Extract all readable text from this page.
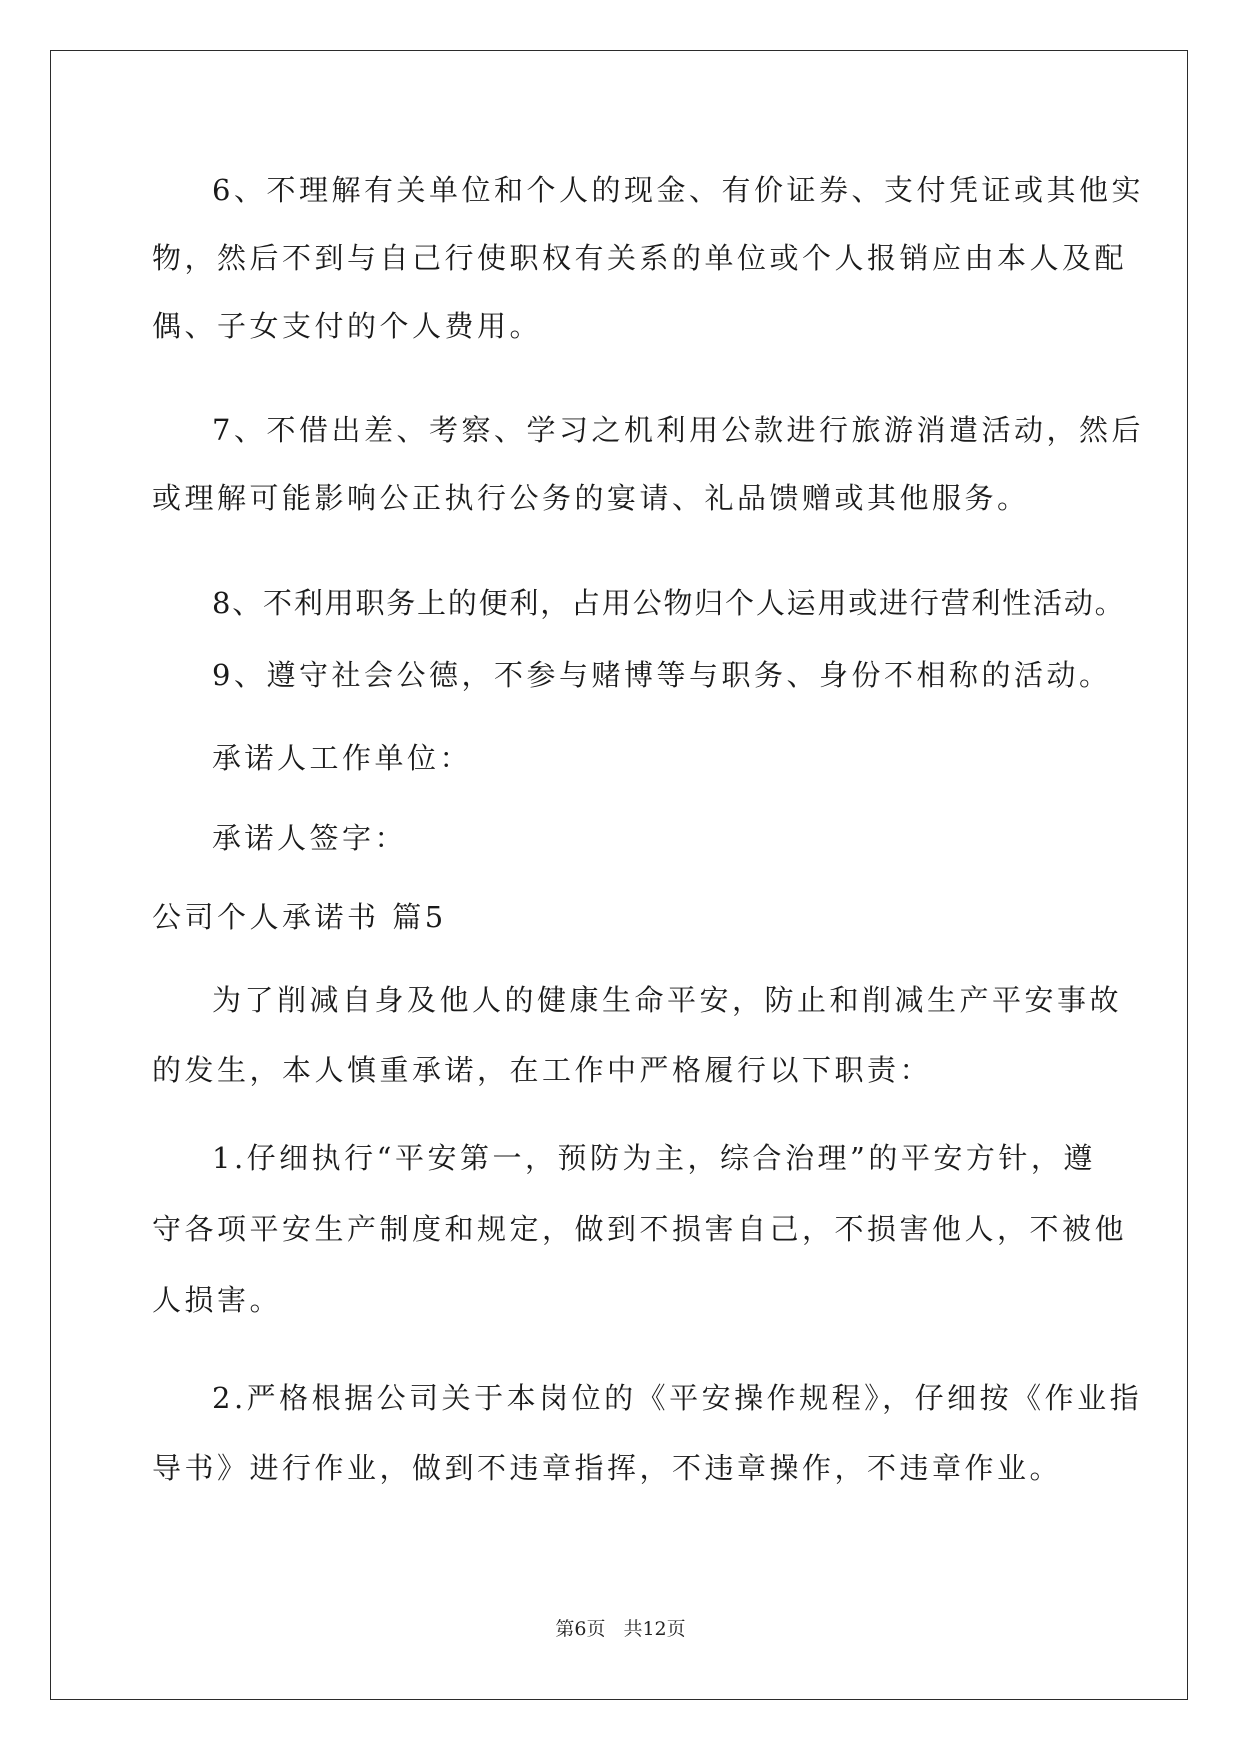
6、不理解有关单位和个人的现金、有价证券、支付凭证或其他实
物，然后不到与自己行使职权有关系的单位或个人报销应由本人及配
偶、子女支付的个人费用。
7、不借出差、考察、学习之机利用公款进行旅游消遣活动，然后
或理解可能影响公正执行公务的宴请、礼品馈赠或其他服务。
8、不利用职务上的便利，占用公物归个人运用或进行营利性活动。
9、遵守社会公德，不参与赌博等与职务、身份不相称的活动。
承诺人工作单位：
承诺人签字：
公司个人承诺书 篇5
为了削减自身及他人的健康生命平安，防止和削减生产平安事故
的发生，本人慎重承诺，在工作中严格履行以下职责：
1.仔细执行“平安第一，预防为主，综合治理”的平安方针，遵
守各项平安生产制度和规定，做到不损害自己，不损害他人，不被他
人损害。
2.严格根据公司关于本岗位的《平安操作规程》，仔细按《作业指
导书》进行作业，做到不违章指挥，不违章操作，不违章作业。
第6页 共12页
